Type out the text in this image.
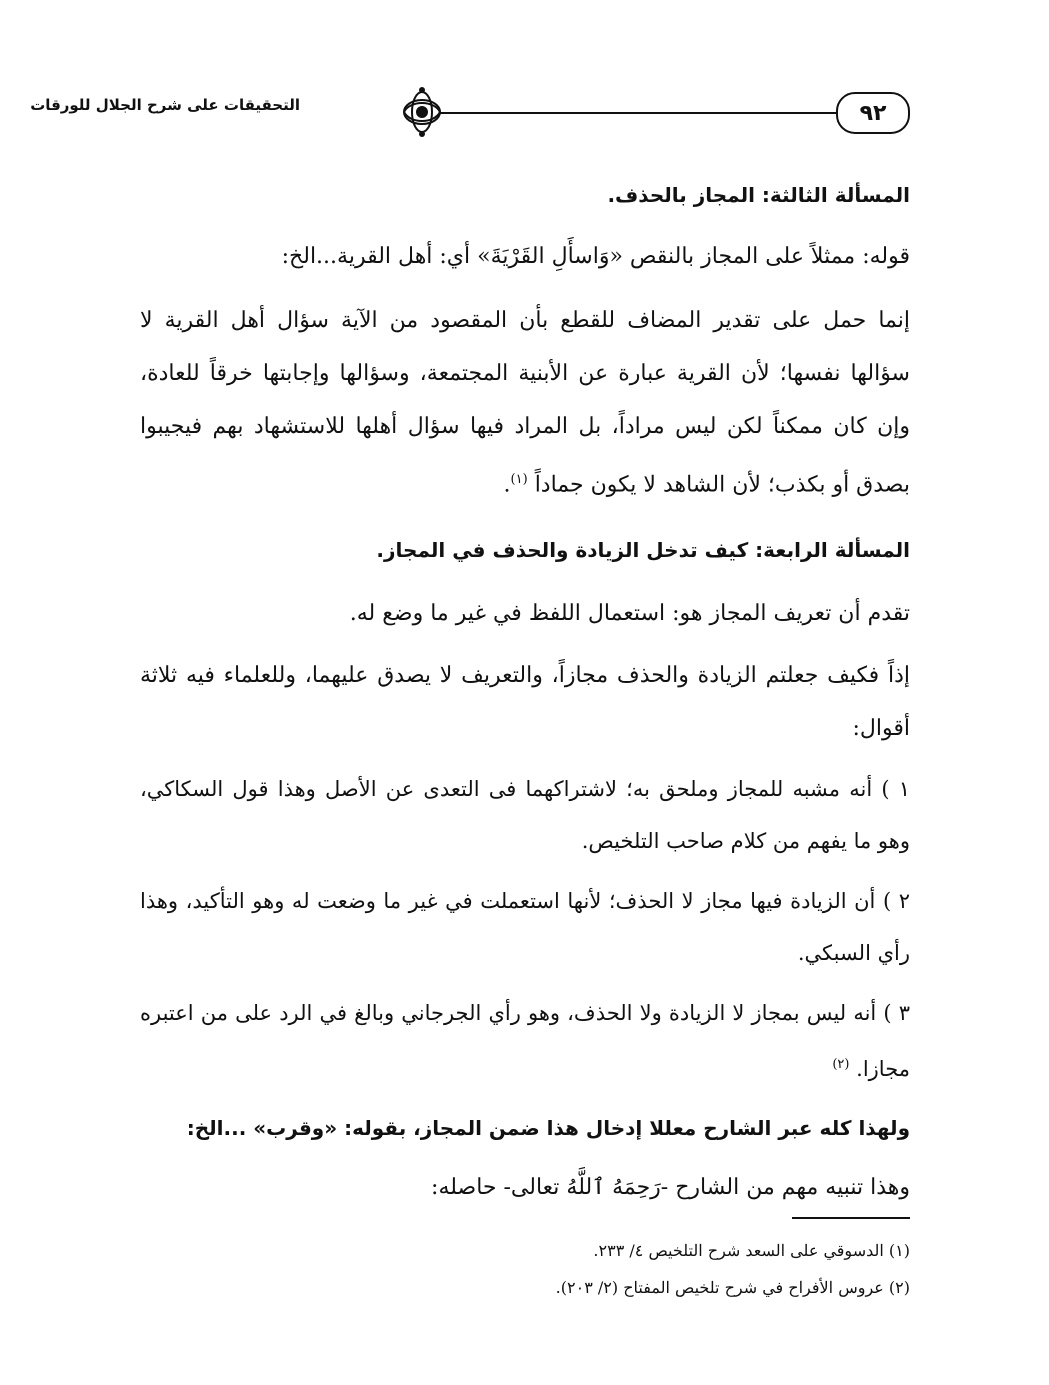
٩٢
التحقيقات على شرح الجلال للورقات

المسألة الثالثة: المجاز بالحذف.

قوله: ممثلاً على المجاز بالنقص «وَاسأَلِ القَرْيَةَ» أي: أهل القرية...الخ:

إنما حمل على تقدير المضاف للقطع بأن المقصود من الآية سؤال أهل القرية لا سؤالها نفسها؛ لأن القرية عبارة عن الأبنية المجتمعة، وسؤالها وإجابتها خرقاً للعادة، وإن كان ممكناً لكن ليس مراداً، بل المراد فيها سؤال أهلها للاستشهاد بهم فيجيبوا بصدق أو بكذب؛ لأن الشاهد لا يكون جماداً $^{(١)}$.

المسألة الرابعة: كيف تدخل الزيادة والحذف في المجاز.

تقدم أن تعريف المجاز هو: استعمال اللفظ في غير ما وضع له.

إذاً فكيف جعلتم الزيادة والحذف مجازاً، والتعريف لا يصدق عليهما، وللعلماء فيه ثلاثة أقوال:

١ ) أنه مشبه للمجاز وملحق به؛ لاشتراكهما فى التعدى عن الأصل وهذا قول السكاكي، وهو ما يفهم من كلام صاحب التلخيص.

٢ ) أن الزيادة فيها مجاز لا الحذف؛ لأنها استعملت في غير ما وضعت له وهو التأكيد، وهذا رأي السبكي.

٣ ) أنه ليس بمجاز لا الزيادة ولا الحذف، وهو رأي الجرجاني وبالغ في الرد على من اعتبره مجازا. $^{(٢)}$

ولهذا كله عبر الشارح معللا إدخال هذا ضمن المجاز، بقوله: «وقرب» ...الخ:

وهذا تنبيه مهم من الشارح -رَحِمَهُ ٱللَّهُ تعالى- حاصله:

(١) الدسوقي على السعد شرح التلخيص ٤/ ٢٣٣.

(٢) عروس الأفراح في شرح تلخيص المفتاح (٢/ ٢٠٣).
